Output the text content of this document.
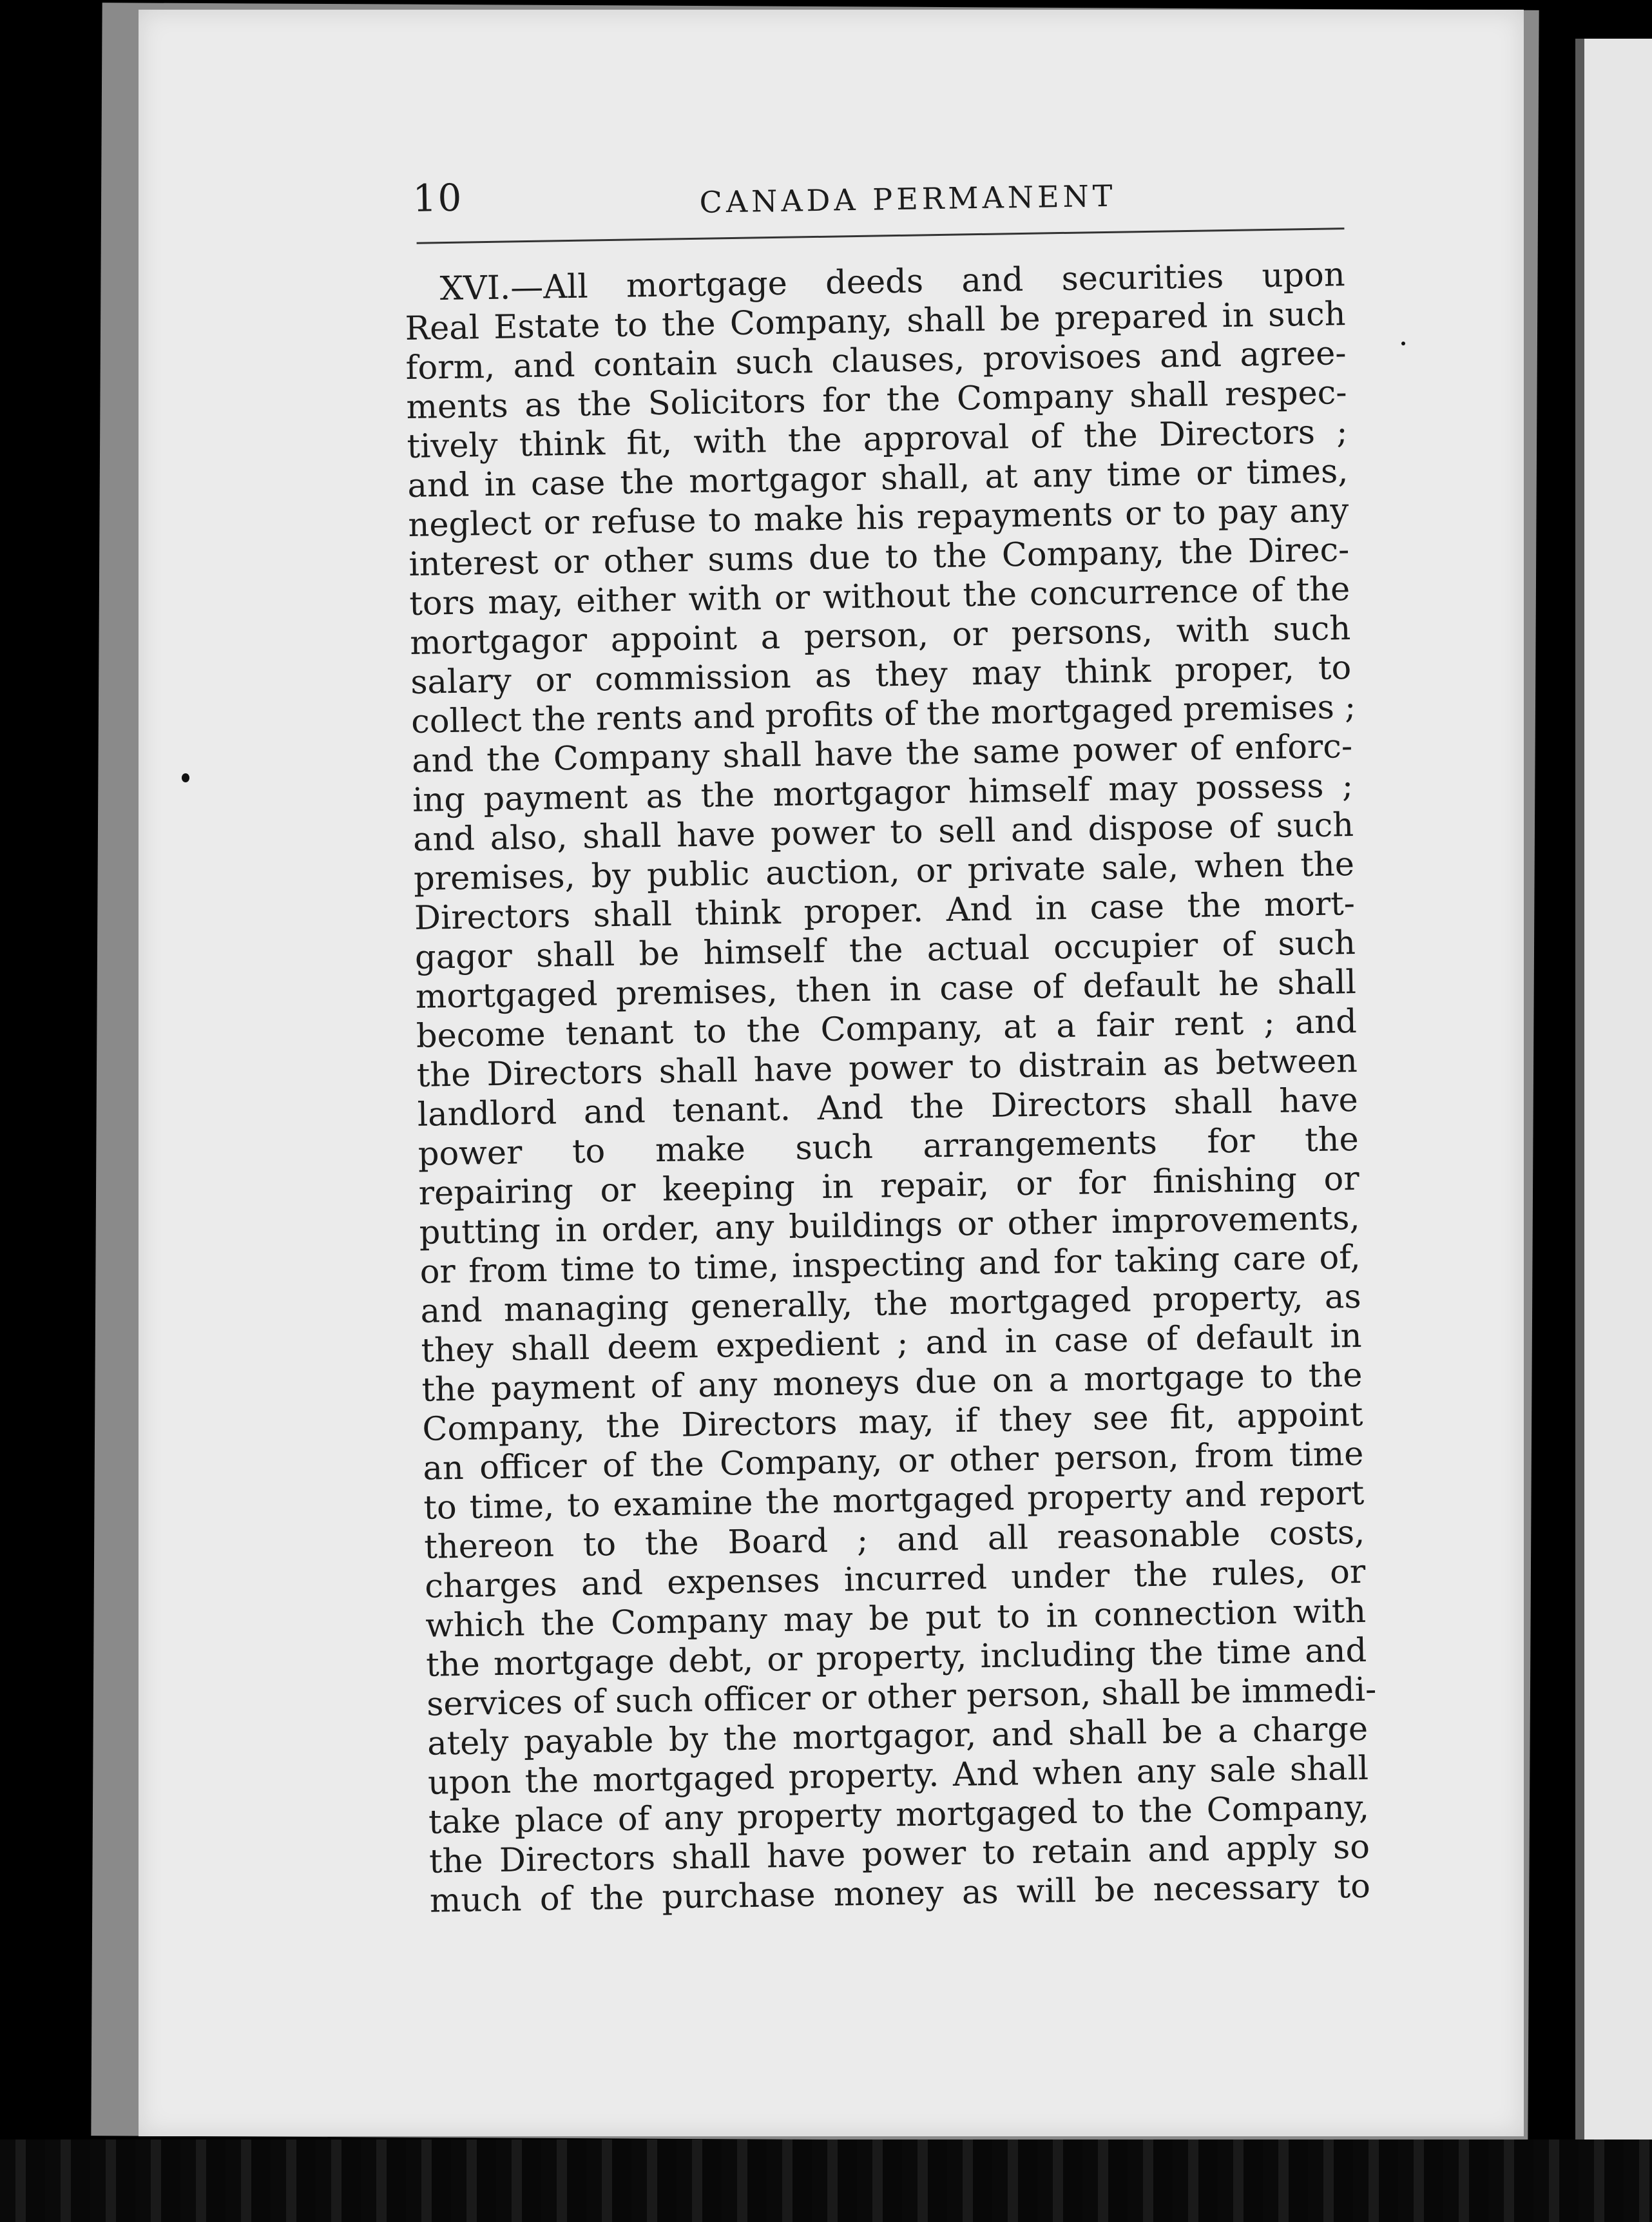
10	CANADA PERMANENT
XVI.—All mortgage deeds and securities upon
Real Estate to the Company, shall be prepared in such
form, and contain such clauses, provisoes and agree-
ments as the Solicitors for the Company shall respec-
tively think fit, with the approval of the Directors ;
and in case the mortgagor shall, at any time or times,
neglect or refuse to make his repayments or to pay any
interest or other sums due to the Company, the Direc-
tors may, either with or without the concurrence of the
mortgagor appoint a person, or persons, with such
salary or commission as they may think proper, to
collect the rents and profits of the mortgaged premises ;
and the Company shall have the same power of enforc-
ing payment as the mortgagor himself may possess ;
and also, shall have power to sell and dispose of such
premises, by public auction, or private sale, when the
Directors shall think proper. And in case the mort-
gagor shall be himself the actual occupier of such
mortgaged premises, then in case of default he shall
become tenant to the Company, at a fair rent ; and
the Directors shall have power to distrain as between
landlord and tenant. And the Directors shall have
power to make such arrangements for the
repairing or keeping in repair, or for finishing or
putting in order, any buildings or other improvements,
or from time to time, inspecting and for taking care of,
and managing generally, the mortgaged property, as
they shall deem expedient ; and in case of default in
the payment of any moneys due on a mortgage to the
Company, the Directors may, if they see fit, appoint
an officer of the Company, or other person, from time
to time, to examine the mortgaged property and report
thereon to the Board ; and all reasonable costs,
charges and expenses incurred under the rules, or
which the Company may be put to in connection with
the mortgage debt, or property, including the time and
services of such officer or other person, shall be immedi-
ately payable by the mortgagor, and shall be a charge
upon the mortgaged property. And when any sale shall
take place of any property mortgaged to the Company,
the Directors shall have power to retain and apply so
much of the purchase money as will be necessary to
